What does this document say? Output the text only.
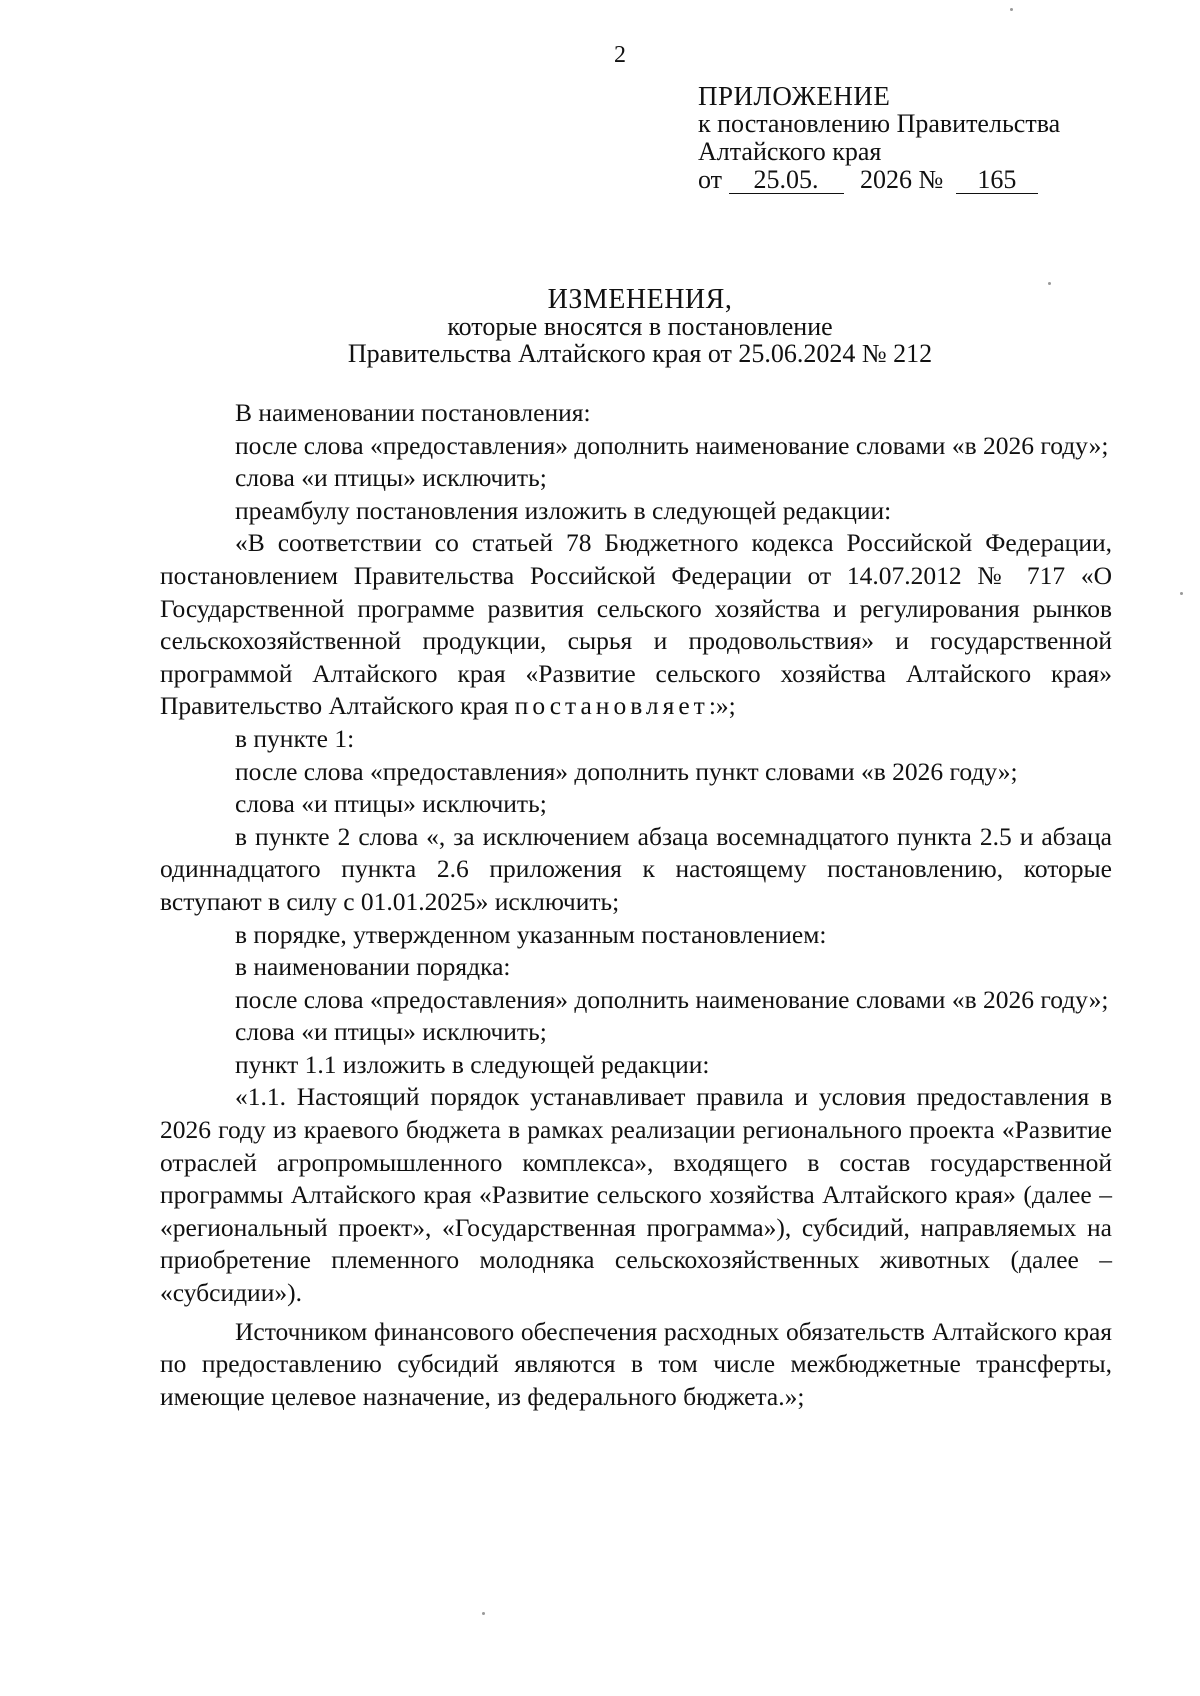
2
ПРИЛОЖЕНИЕ
к постановлению Правительства
Алтайского края
от 25.05. 2026 № 165
ИЗМЕНЕНИЯ,
которые вносятся в постановление
Правительства Алтайского края от 25.06.2024 № 212

В наименовании постановления:

после слова «предоставления» дополнить наименование словами «в 2026 году»;

слова «и птицы» исключить;

преамбулу постановления изложить в следующей редакции:

«В соответствии со статьей 78 Бюджетного кодекса Российской Федерации, постановлением Правительства Российской Федерации от 14.07.2012 № 717 «О Государственной программе развития сельского хозяйства и регулирования рынков сельскохозяйственной продукции, сырья и продовольствия» и государственной программой Алтайского края «Развитие сельского хозяйства Алтайского края» Правительство Алтайского края постановляет:»;

в пункте 1:

после слова «предоставления» дополнить пункт словами «в 2026 году»;

слова «и птицы» исключить;

в пункте 2 слова «, за исключением абзаца восемнадцатого пункта 2.5 и абзаца одиннадцатого пункта 2.6 приложения к настоящему постановлению, которые вступают в силу с 01.01.2025» исключить;

в порядке, утвержденном указанным постановлением:

в наименовании порядка:

после слова «предоставления» дополнить наименование словами «в 2026 году»;

слова «и птицы» исключить;

пункт 1.1 изложить в следующей редакции:

«1.1. Настоящий порядок устанавливает правила и условия предоставления в 2026 году из краевого бюджета в рамках реализации регионального проекта «Развитие отраслей агропромышленного комплекса», входящего в состав государственной программы Алтайского края «Развитие сельского хозяйства Алтайского края» (далее – «региональный проект», «Государственная программа»), субсидий, направляемых на приобретение племенного молодняка сельскохозяйственных животных (далее – «субсидии»).

Источником финансового обеспечения расходных обязательств Алтайского края по предоставлению субсидий являются в том числе межбюджетные трансферты, имеющие целевое назначение, из федерального бюджета.»;
